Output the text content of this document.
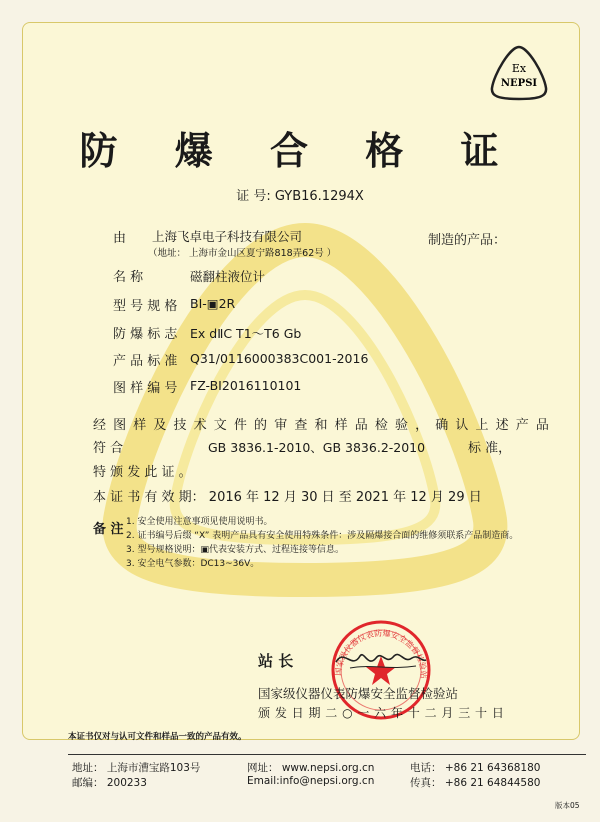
Ex
NEPSI
防 爆 合 格 证
证 号: GYB16.1294X
由 上海飞卓电子科技有限公司
（地址： 上海市金山区夏宁路818弄62号 ）
制造的产品：
名 称	磁翻柱液位计
型 号 规 格 BI-▣2R
防 爆 标 志 Ex dⅡC T1～T6 Gb
产 品 标 准 Q31/0116000383C001-2016
图 样 编 号 FZ-BI2016110101
经 图 样 及 技 术 文 件 的 审 查 和 样 品 检 验 ， 确 认 上 述 产 品
符 合	GB 3836.1-2010、GB 3836.2-2010	标 准，
特 颁 发 此 证 。
本 证 书 有 效 期： 2016 年 12 月 30 日 至 2021 年 12 月 29 日
备 注 1. 安全使用注意事项见使用说明书。
2. 证书编号后缀 “X” 表明产品具有安全使用特殊条件：涉及隔爆接合面的维修须联系产品制造商。
3. 型号规格说明：▣代表安装方式、过程连接等信息。
3. 安全电气参数：DC13~36V。
站 长
国家级仪器仪表防爆安全监督检验站
国家级仪器仪表防爆安全监督检验站
颁 发 日 期 二 ○ 一 六 年 十 二 月 三 十 日
本证书仅对与认可文件和样品一致的产品有效。
地址： 上海市漕宝路103号
邮编： 200233
网址： www.nepsi.org.cn
Email:info@nepsi.org.cn
电话： +86 21 64368180
传真： +86 21 64844580
版本05
